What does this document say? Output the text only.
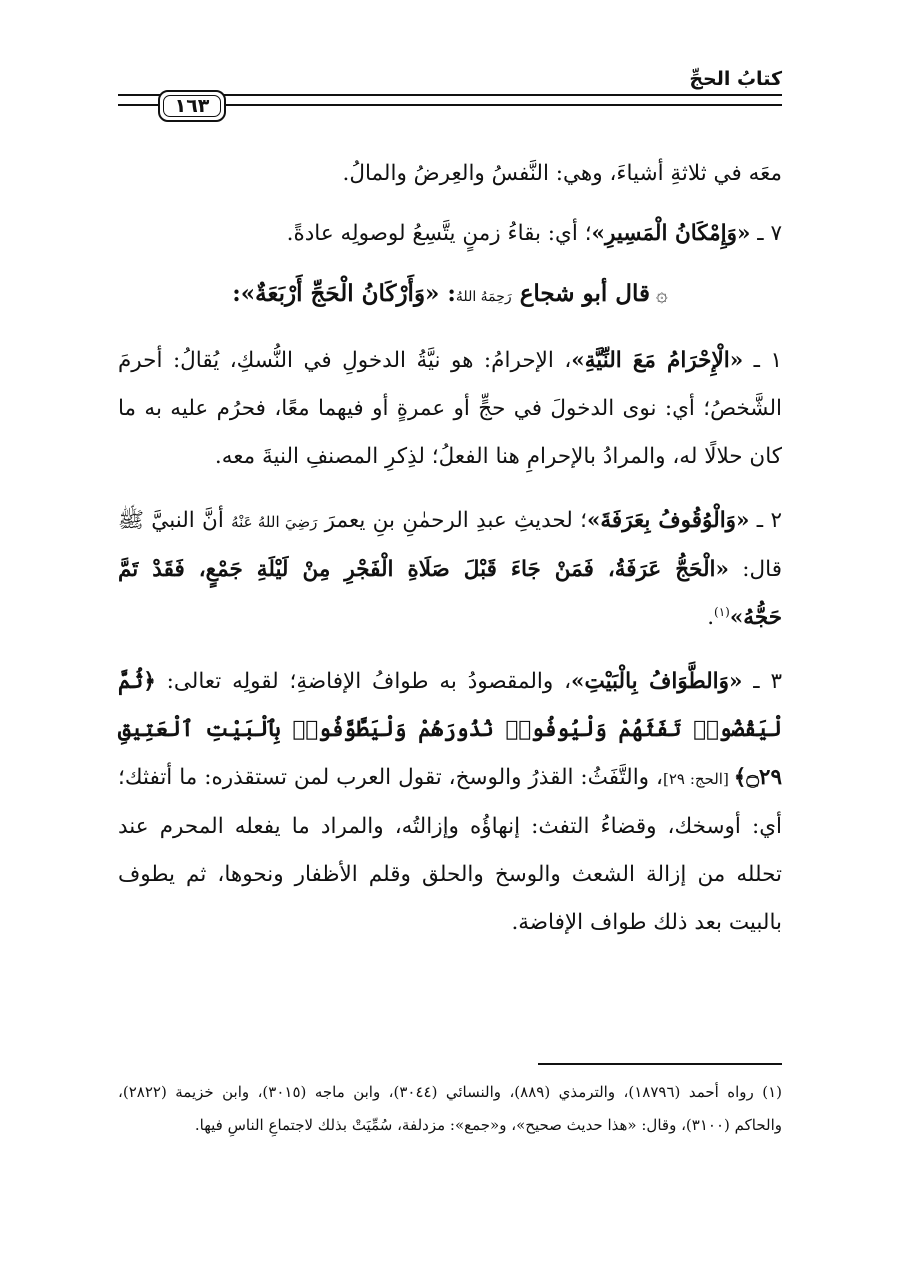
كتابُ الحجِّ
١٦٣

معَه في ثلاثةِ أشياءَ، وهي: النَّفسُ والعِرضُ والمالُ.

٧ ـ «وَإِمْكَانُ الْمَسِيرِ»؛ أي: بقاءُ زمنٍ يتَّسِعُ لوصولِه عادةً.

۞قال أبو شجاع رَحِمَهُ اللهُ: «وَأَرْكَانُ الْحَجِّ أَرْبَعَةٌ»:

١ ـ «الْإِحْرَامُ مَعَ النِّيَّةِ»، الإحرامُ: هو نيَّةُ الدخولِ في النُّسكِ، يُقالُ: أحرمَ الشَّخصُ؛ أي: نوى الدخولَ في حجٍّ أو عمرةٍ أو فيهما معًا، فحرُم عليه به ما كان حلالًا له، والمرادُ بالإحرامِ هنا الفعلُ؛ لذِكرِ المصنفِ النيةَ معه.

٢ ـ «وَالْوُقُوفُ بِعَرَفَةَ»؛ لحديثِ عبدِ الرحمٰنِ بنِ يعمرَ رَضِيَ اللهُ عَنْهُ أنَّ النبيَّ ﷺ قال: «الْحَجُّ عَرَفَةُ، فَمَنْ جَاءَ قَبْلَ صَلَاةِ الْفَجْرِ مِنْ لَيْلَةِ جَمْعٍ، فَقَدْ تَمَّ حَجُّهُ»$^{(١)}$.

٣ ـ «وَالطَّوَافُ بِالْبَيْتِ»، والمقصودُ به طوافُ الإفاضةِ؛ لقولِه تعالى: ﴿ثُمَّ لْيَقْضُوا۟ تَفَثَهُمْ وَلْيُوفُوا۟ نُذُورَهُمْ وَلْيَطَّوَّفُوا۟ بِٱلْبَيْتِ ٱلْعَتِيقِ ۝٢٩﴾ [الحج: ٢٩]، والتَّفَثُ: القذرُ والوسخ، تقول العرب لمن تستقذره: ما أتفثك؛ أي: أوسخك، وقضاءُ التفث: إنهاؤُه وإزالتُه، والمراد ما يفعله المحرم عند تحلله من إزالة الشعث والوسخ والحلق وقلم الأظفار ونحوها، ثم يطوف بالبيت بعد ذلك طواف الإفاضة.

(١) رواه أحمد (١٨٧٩٦)، والترمذي (٨٨٩)، والنسائي (٣٠٤٤)، وابن ماجه (٣٠١٥)، وابن خزيمة (٢٨٢٢)، والحاكم (٣١٠٠)، وقال: «هذا حديث صحيح»، و«جمع»: مزدلفة، سُمِّيَتْ بذلك لاجتماعِ الناسِ فيها.
